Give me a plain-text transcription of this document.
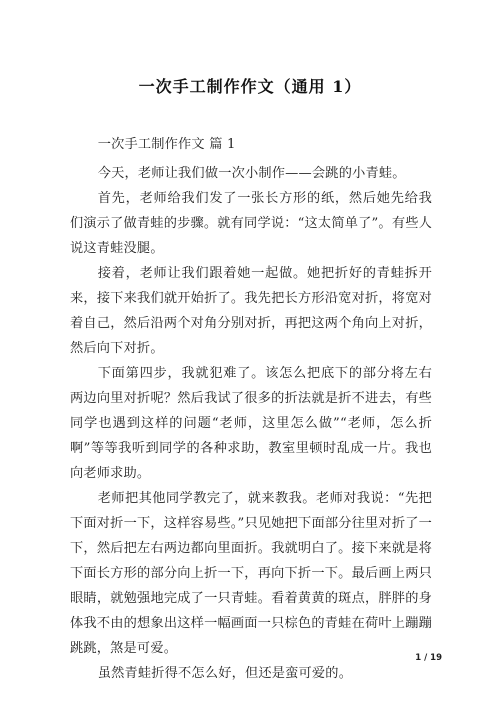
一次手工制作作文（通用 1）

一次手工制作作文 篇 1

今天，老师让我们做一次小制作——会跳的小青蛙。

首先，老师给我们发了一张长方形的纸，然后她先给我们演示了做青蛙的步骤。就有同学说：“这太简单了”。有些人说这青蛙没腿。

接着，老师让我们跟着她一起做。她把折好的青蛙拆开来，接下来我们就开始折了。我先把长方形沿宽对折，将宽对着自己，然后沿两个对角分别对折，再把这两个角向上对折，然后向下对折。

下面第四步，我就犯难了。该怎么把底下的部分将左右两边向里对折呢？然后我试了很多的折法就是折不进去，有些同学也遇到这样的问题“老师，这里怎么做”“老师，怎么折啊”等等我听到同学的各种求助，教室里顿时乱成一片。我也向老师求助。

老师把其他同学教完了，就来教我。老师对我说：“先把下面对折一下，这样容易些。”只见她把下面部分往里对折了一下，然后把左右两边都向里面折。我就明白了。接下来就是将下面长方形的部分向上折一下，再向下折一下。最后画上两只眼睛，就勉强地完成了一只青蛙。看着黄黄的斑点，胖胖的身体我不由的想象出这样一幅画面一只棕色的青蛙在荷叶上蹦蹦跳跳，煞是可爱。

虽然青蛙折得不怎么好，但还是蛮可爱的。

1 / 19
